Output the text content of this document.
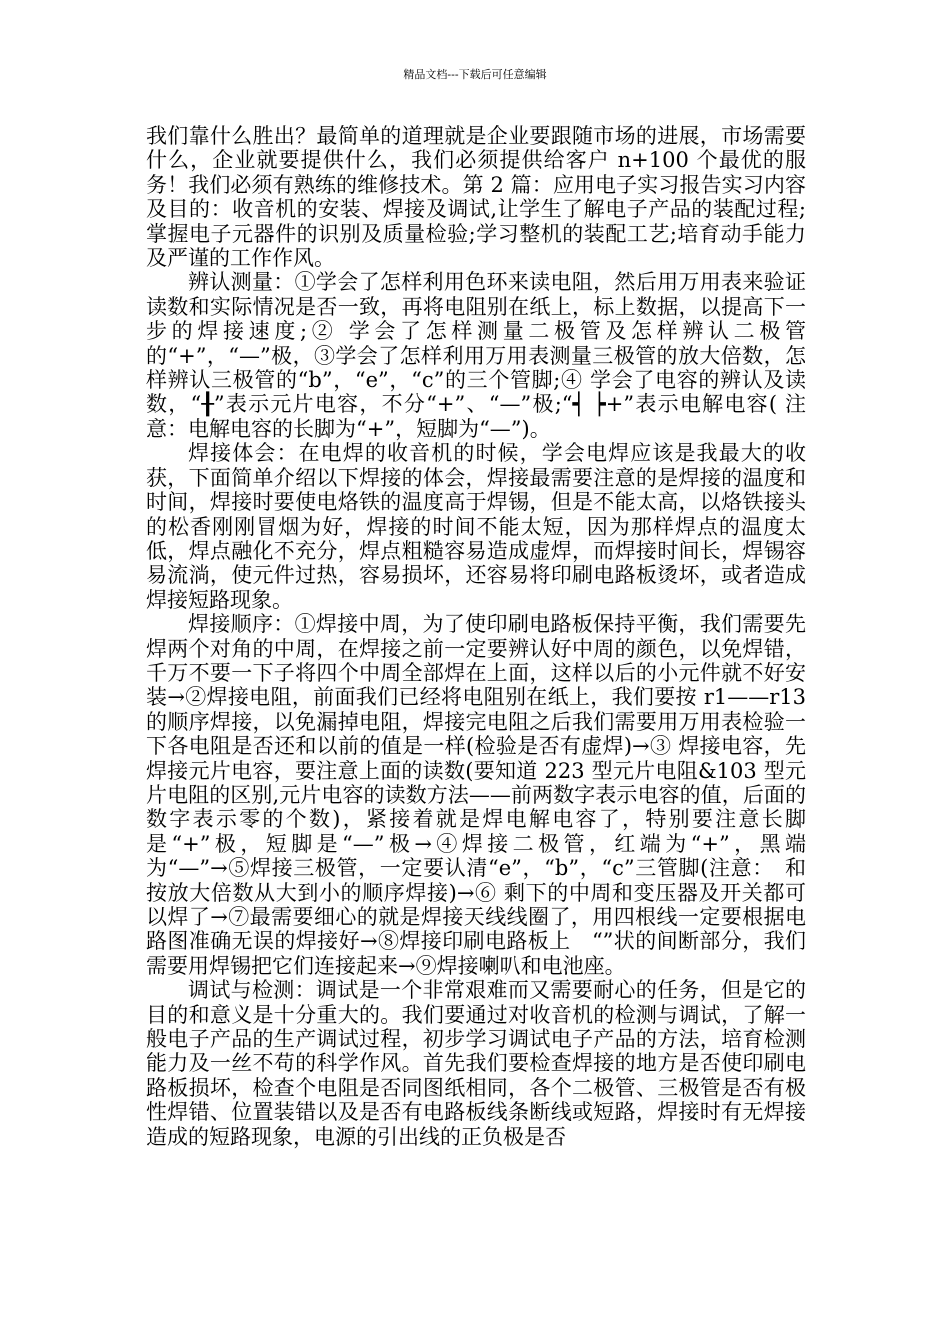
精品文档---下载后可任意编辑

我们靠什么胜出？最简单的道理就是企业要跟随市场的进展，市场需要什么，企业就要提供什么，我们必须提供给客户 n+100 个最优的服务！我们必须有熟练的维修技术。第 2 篇：应用电子实习报告实习内容及目的：收音机的安装、焊接及调试,让学生了解电子产品的装配过程;掌握电子元器件的识别及质量检验;学习整机的装配工艺;培育动手能力及严谨的工作作风。

辨认测量：①学会了怎样利用色环来读电阻，然后用万用表来验证读数和实际情况是否一致，再将电阻别在纸上，标上数据，以提高下一步的焊接速度;② 学会了怎样测量二极管及怎样辨认二极管的“+”，“—”极，③学会了怎样利用万用表测量三极管的放大倍数，怎样辨认三极管的“b”，“e”，“c”的三个管脚;④ 学会了电容的辨认及读数，“╂”表示元片电容，不分“+”、“—”极;“┥ ┝+”表示电解电容( 注意：电解电容的长脚为“+”，短脚为“—”)。

焊接体会：在电焊的收音机的时候，学会电焊应该是我最大的收获，下面简单介绍以下焊接的体会，焊接最需要注意的是焊接的温度和时间，焊接时要使电烙铁的温度高于焊锡，但是不能太高，以烙铁接头的松香刚刚冒烟为好，焊接的时间不能太短，因为那样焊点的温度太低，焊点融化不充分，焊点粗糙容易造成虚焊，而焊接时间长，焊锡容易流淌，使元件过热，容易损坏，还容易将印刷电路板烫坏，或者造成焊接短路现象。

焊接顺序：①焊接中周，为了使印刷电路板保持平衡，我们需要先焊两个对角的中周，在焊接之前一定要辨认好中周的颜色，以免焊错，千万不要一下子将四个中周全部焊在上面，这样以后的小元件就不好安装→②焊接电阻，前面我们已经将电阻别在纸上，我们要按 r1——r13 的顺序焊接，以免漏掉电阻，焊接完电阻之后我们需要用万用表检验一下各电阻是否还和以前的值是一样(检验是否有虚焊)→③ 焊接电容，先焊接元片电容，要注意上面的读数(要知道 223 型元片电阻&103 型元片电阻的区别,元片电容的读数方法——前两数字表示电容的值，后面的数字表示零的个数)，紧接着就是焊电解电容了，特别要注意长脚是“+”极，短脚是“—”极→④焊接二极管，红端为“+”，黑端为“—”→⑤焊接三极管，一定要认清“e”，“b”，“c”三管脚(注意：　和　按放大倍数从大到小的顺序焊接)→⑥ 剩下的中周和变压器及开关都可以焊了→⑦最需要细心的就是焊接天线线圈了，用四根线一定要根据电路图准确无误的焊接好→⑧焊接印刷电路板上　“”状的间断部分，我们需要用焊锡把它们连接起来→⑨焊接喇叭和电池座。

调试与检测：调试是一个非常艰难而又需要耐心的任务，但是它的目的和意义是十分重大的。我们要通过对收音机的检测与调试，了解一般电子产品的生产调试过程，初步学习调试电子产品的方法，培育检测能力及一丝不苟的科学作风。首先我们要检查焊接的地方是否使印刷电路板损坏，检查个电阻是否同图纸相同，各个二极管、三极管是否有极性焊错、位置装错以及是否有电路板线条断线或短路，焊接时有无焊接造成的短路现象，电源的引出线的正负极是否
